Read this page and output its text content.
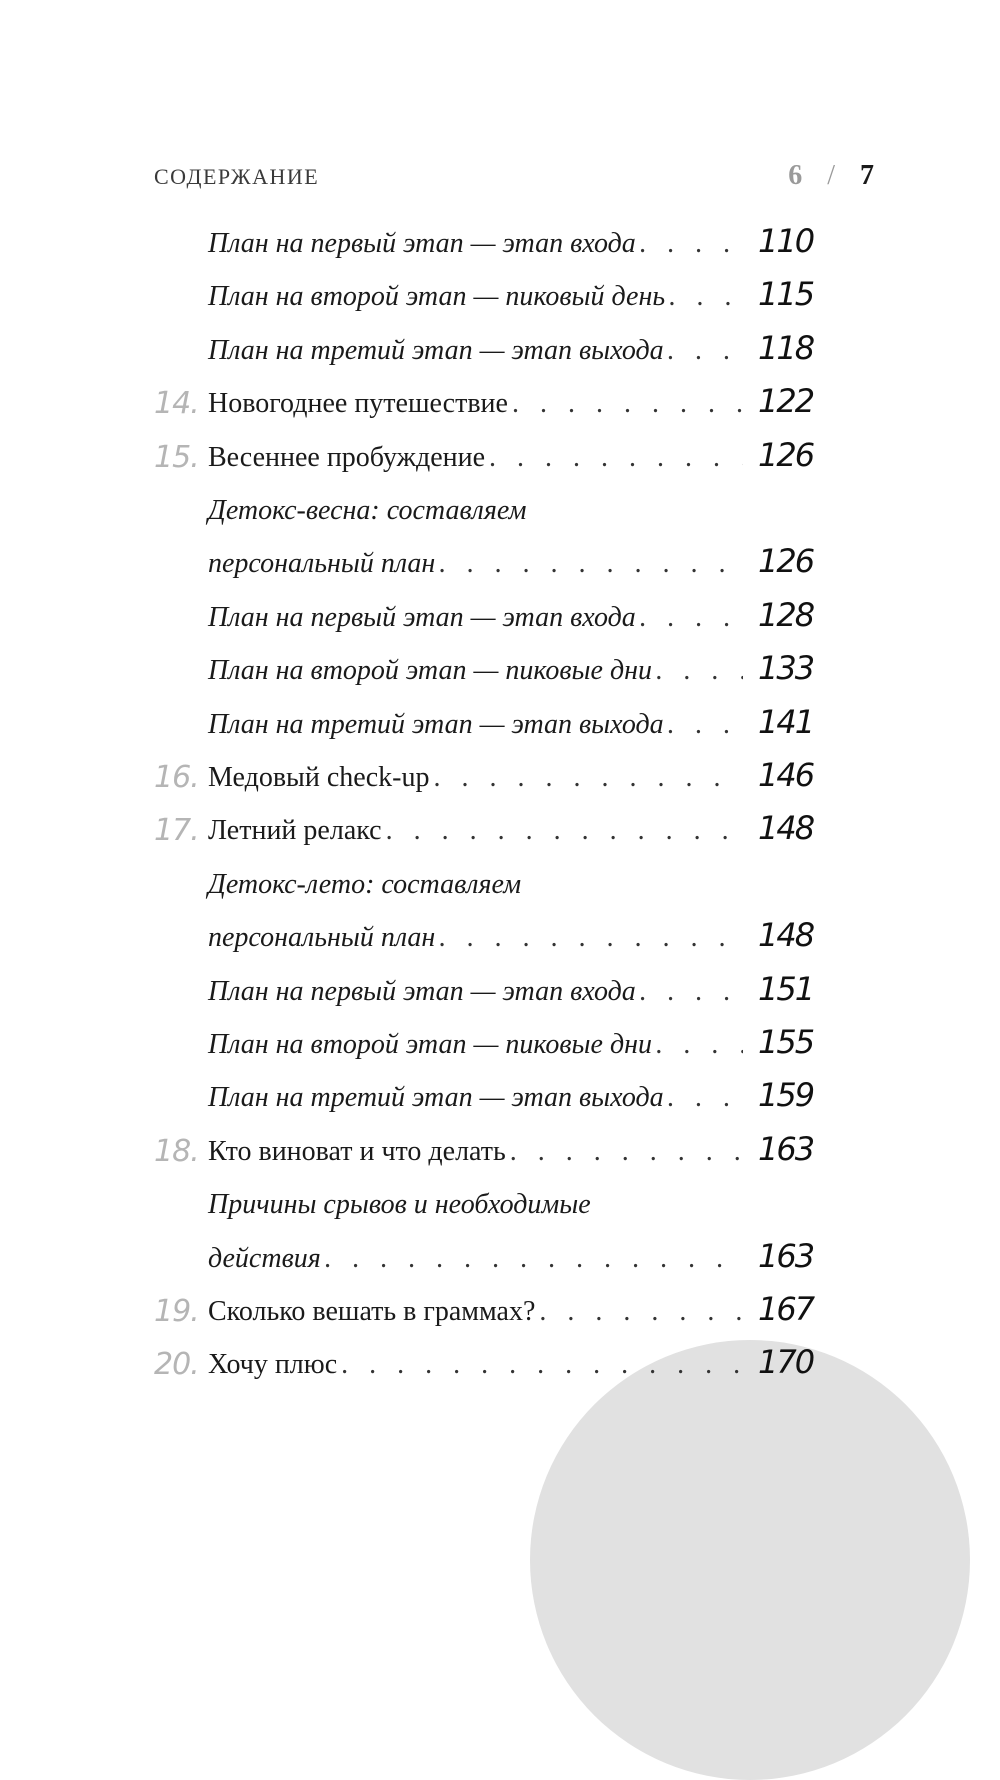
СОДЕРЖАНИЕ	6 / 7
План на первый этап — этап входа . . .	110
План на второй этап — пиковый день . . .	115
План на третий этап — этап выхода . . .	118
14. Новогоднее путешествие . . .	122
15. Весеннее пробуждение . . .	126
Детокс-весна: составляем
персональный план . . .	126
План на первый этап — этап входа . . .	128
План на второй этап — пиковые дни . . .	133
План на третий этап — этап выхода . . .	141
16. Медовый check-up . . .	146
17. Летний релакс . . .	148
Детокс-лето: составляем
персональный план . . .	148
План на первый этап — этап входа . . .	151
План на второй этап — пиковые дни . . .	155
План на третий этап — этап выхода . . .	159
18. Кто виноват и что делать . . .	163
Причины срывов и необходимые
действия . . .	163
19. Сколько вешать в граммах? . . .	167
20. Хочу плюс . . .	170
